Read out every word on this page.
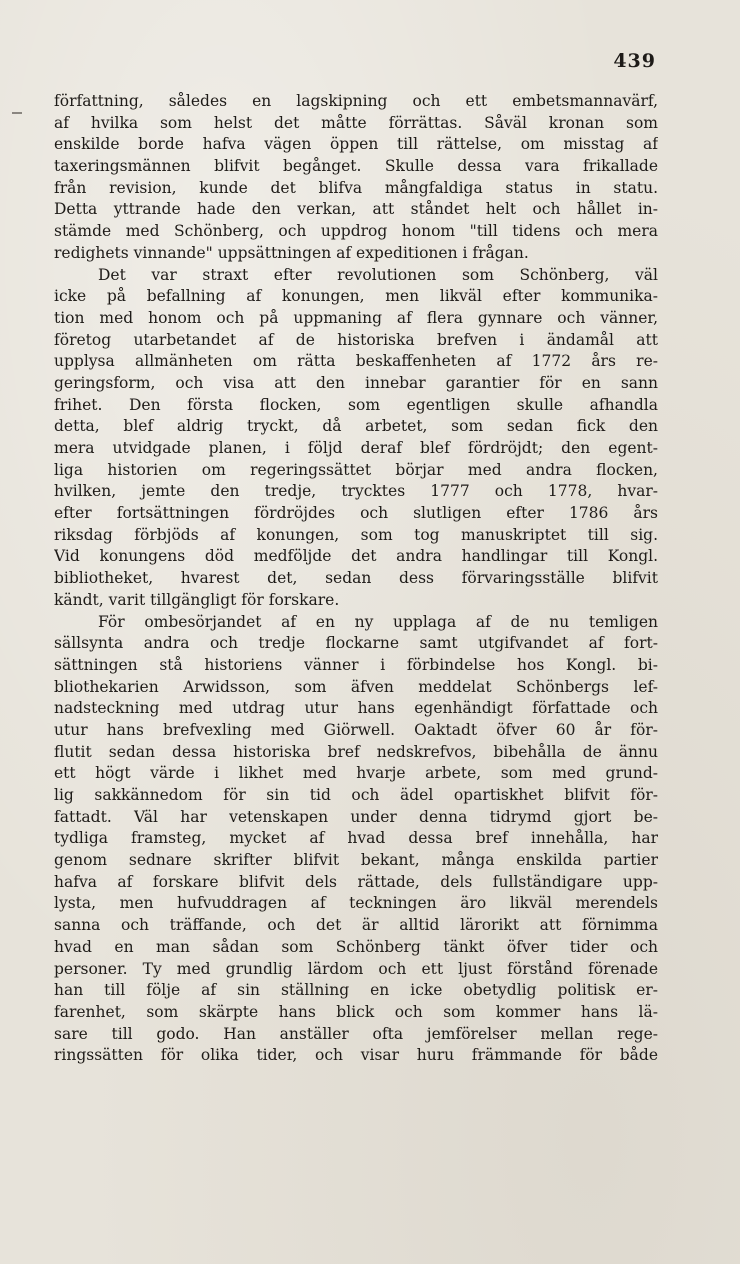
439
författning, således en lagskipning och ett embetsmannavärf,
af hvilka som helst det måtte förrättas. Såväl kronan som
enskilde borde hafva vägen öppen till rättelse, om misstag af
taxeringsmännen blifvit begånget. Skulle dessa vara frikallade
från revision, kunde det blifva mångfaldiga status in statu.
Detta yttrande hade den verkan, att ståndet helt och hållet in-
stämde med Schönberg, och uppdrog honom "till tidens och mera
redighets vinnande" uppsättningen af expeditionen i frågan.
Det var straxt efter revolutionen som Schönberg, väl
icke på befallning af konungen, men likväl efter kommunika-
tion med honom och på uppmaning af flera gynnare och vänner,
företog utarbetandet af de historiska brefven i ändamål att
upplysa allmänheten om rätta beskaffenheten af 1772 års re-
geringsform, och visa att den innebar garantier för en sann
frihet. Den första flocken, som egentligen skulle afhandla
detta, blef aldrig tryckt, då arbetet, som sedan fick den
mera utvidgade planen, i följd deraf blef fördröjdt; den egent-
liga historien om regeringssättet börjar med andra flocken,
hvilken, jemte den tredje, trycktes 1777 och 1778, hvar-
efter fortsättningen fördröjdes och slutligen efter 1786 års
riksdag förbjöds af konungen, som tog manuskriptet till sig.
Vid konungens död medföljde det andra handlingar till Kongl.
bibliotheket, hvarest det, sedan dess förvaringsställe blifvit
kändt, varit tillgängligt för forskare.
För ombesörjandet af en ny upplaga af de nu temligen
sällsynta andra och tredje flockarne samt utgifvandet af fort-
sättningen stå historiens vänner i förbindelse hos Kongl. bi-
bliothekarien Arwidsson, som äfven meddelat Schönbergs lef-
nadsteckning med utdrag utur hans egenhändigt författade och
utur hans brefvexling med Giörwell. Oaktadt öfver 60 år för-
flutit sedan dessa historiska bref nedskrefvos, bibehålla de ännu
ett högt värde i likhet med hvarje arbete, som med grund-
lig sakkännedom för sin tid och ädel opartiskhet blifvit för-
fattadt. Väl har vetenskapen under denna tidrymd gjort be-
tydliga framsteg, mycket af hvad dessa bref innehålla, har
genom sednare skrifter blifvit bekant, många enskilda partier
hafva af forskare blifvit dels rättade, dels fullständigare upp-
lysta, men hufvuddragen af teckningen äro likväl merendels
sanna och träffande, och det är alltid lärorikt att förnimma
hvad en man sådan som Schönberg tänkt öfver tider och
personer. Ty med grundlig lärdom och ett ljust förstånd förenade
han till följe af sin ställning en icke obetydlig politisk er-
farenhet, som skärpte hans blick och som kommer hans lä-
sare till godo. Han anställer ofta jemförelser mellan rege-
ringssätten för olika tider, och visar huru främmande för både
